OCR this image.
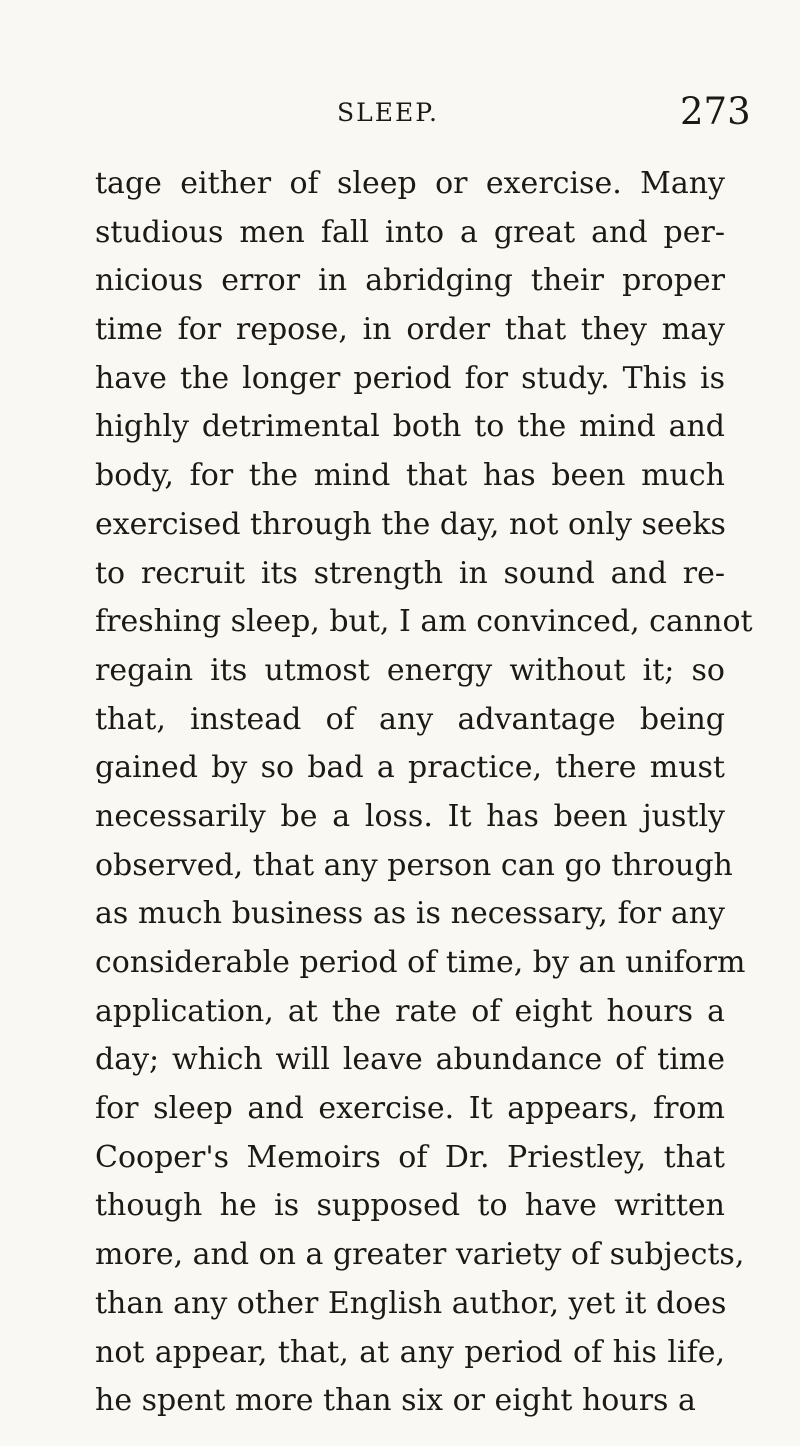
SLEEP.	273
tage either of sleep or exercise. Many
studious men fall into a great and per-
nicious error in abridging their proper
time for repose, in order that they may
have the longer period for study. This is
highly detrimental both to the mind and
body, for the mind that has been much
exercised through the day, not only seeks
to recruit its strength in sound and re-
freshing sleep, but, I am convinced, cannot
regain its utmost energy without it; so
that, instead of any advantage being
gained by so bad a practice, there must
necessarily be a loss. It has been justly
observed, that any person can go through
as much business as is necessary, for any
considerable period of time, by an uniform
application, at the rate of eight hours a
day; which will leave abundance of time
for sleep and exercise. It appears, from
Cooper's Memoirs of Dr. Priestley, that
though he is supposed to have written
more, and on a greater variety of subjects,
than any other English author, yet it does
not appear, that, at any period of his life,
he spent more than six or eight hours a
